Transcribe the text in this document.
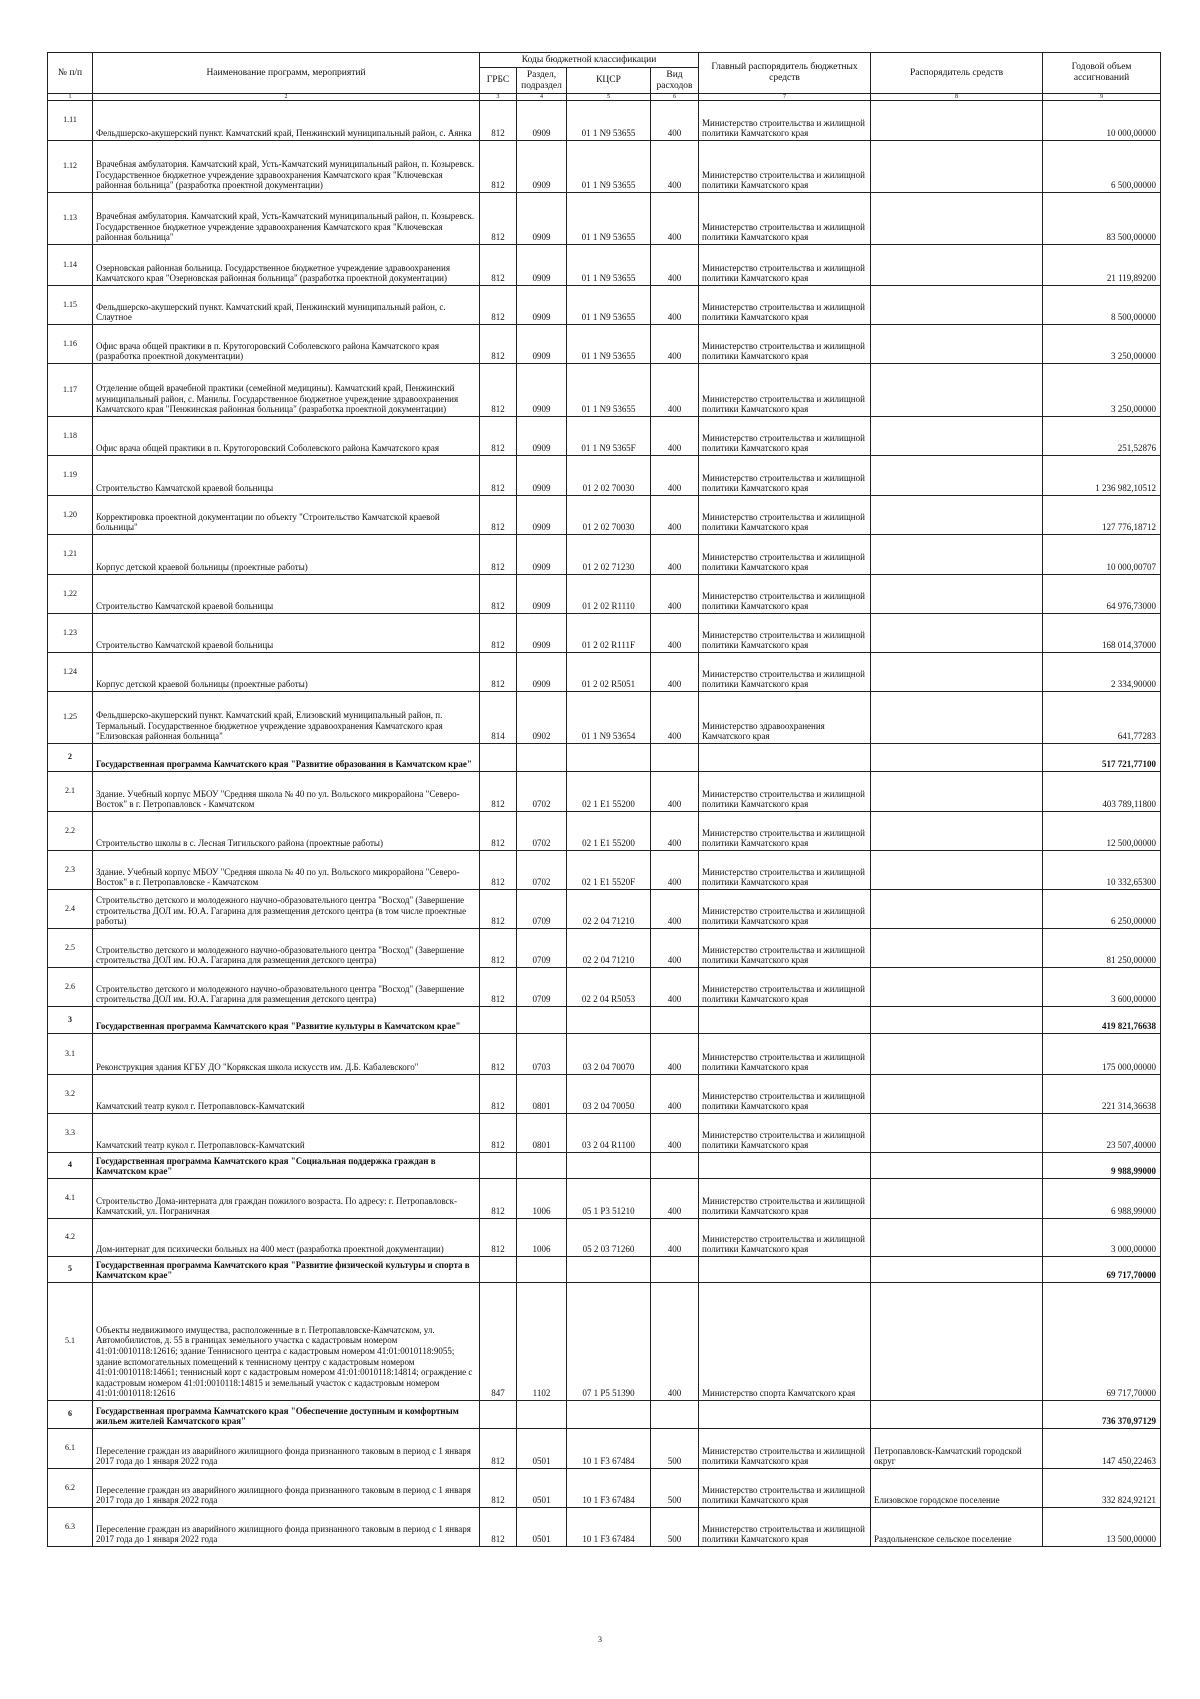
№ п/п	Наименование программ, мероприятий	Коды бюджетной классификации				Главный распорядитель бюджетных средств	Распорядитель средств	Годовой объем ассигнований
		ГРБС	Раздел, подраздел	КЦСР	Вид расходов			
1	2	3	4	5	6	7	8	9
1.11	Фельдшерско-акушерский пункт. Камчатский край, Пенжинский муниципальный район, с. Аянка	812	0909	01 1 N9 53655	400	Министерство строительства и жилищной политики Камчатского края		10 000,00000
1.12	Врачебная амбулатория. Камчатский край, Усть-Камчатский муниципальный район, п. Козыревск. Государственное бюджетное учреждение здравоохранения Камчатского края "Ключевская районная больница" (разработка проектной документации)	812	0909	01 1 N9 53655	400	Министерство строительства и жилищной политики Камчатского края		6 500,00000
1.13	Врачебная амбулатория. Камчатский край, Усть-Камчатский муниципальный район, п. Козыревск. Государственное бюджетное учреждение здравоохранения Камчатского края "Ключевская районная больница"	812	0909	01 1 N9 53655	400	Министерство строительства и жилищной политики Камчатского края		83 500,00000
1.14	Озерновская районная больница. Государственное бюджетное учреждение здравоохранения Камчатского края "Озерновская районная больница" (разработка проектной документации)	812	0909	01 1 N9 53655	400	Министерство строительства и жилищной политики Камчатского края		21 119,89200
1.15	Фельдшерско-акушерский пункт. Камчатский край, Пенжинский муниципальный район, с. Слаутное	812	0909	01 1 N9 53655	400	Министерство строительства и жилищной политики Камчатского края		8 500,00000
1.16	Офис врача общей практики в п. Крутогоровский Соболевского района Камчатского края (разработка проектной документации)	812	0909	01 1 N9 53655	400	Министерство строительства и жилищной политики Камчатского края		3 250,00000
1.17	Отделение общей врачебной практики (семейной медицины). Камчатский край, Пенжинский муниципальный район, с. Манилы. Государственное бюджетное учреждение здравоохранения Камчатского края "Пенжинская районная больница" (разработка проектной документации)	812	0909	01 1 N9 53655	400	Министерство строительства и жилищной политики Камчатского края		3 250,00000
1.18	Офис врача общей практики в п. Крутогоровский Соболевского района Камчатского края	812	0909	01 1 N9 5365F	400	Министерство строительства и жилищной политики Камчатского края		251,52876
1.19	Строительство Камчатской краевой больницы	812	0909	01 2 02 70030	400	Министерство строительства и жилищной политики Камчатского края		1 236 982,10512
1.20	Корректировка проектной документации по объекту "Строительство Камчатской краевой больницы"	812	0909	01 2 02 70030	400	Министерство строительства и жилищной политики Камчатского края		127 776,18712
1.21	Корпус детской краевой больницы (проектные работы)	812	0909	01 2 02 71230	400	Министерство строительства и жилищной политики Камчатского края		10 000,00707
1.22	Строительство Камчатской краевой больницы	812	0909	01 2 02 R1110	400	Министерство строительства и жилищной политики Камчатского края		64 976,73000
1.23	Строительство Камчатской краевой больницы	812	0909	01 2 02 R111F	400	Министерство строительства и жилищной политики Камчатского края		168 014,37000
1.24	Корпус детской краевой больницы (проектные работы)	812	0909	01 2 02 R5051	400	Министерство строительства и жилищной политики Камчатского края		2 334,90000
1.25	Фельдшерско-акушерский пункт. Камчатский край, Елизовский муниципальный район, п. Термальный. Государственное бюджетное учреждение здравоохранения Камчатского края "Елизовская районная больница"	814	0902	01 1 N9 53654	400	Министерство здравоохранения Камчатского края		641,77283
2	Государственная программа Камчатского края "Развитие образования в Камчатском крае"							517 721,77100
2.1	Здание. Учебный корпус МБОУ "Средняя школа № 40 по ул. Вольского микрорайона "Северо-Восток" в г. Петропавловск - Камчатском	812	0702	02 1 E1 55200	400	Министерство строительства и жилищной политики Камчатского края		403 789,11800
2.2	Строительство школы в с. Лесная Тигильского района (проектные работы)	812	0702	02 1 E1 55200	400	Министерство строительства и жилищной политики Камчатского края		12 500,00000
2.3	Здание. Учебный корпус МБОУ "Средняя школа № 40 по ул. Вольского микрорайона "Северо-Восток" в г. Петропавловске - Камчатском	812	0702	02 1 E1 5520F	400	Министерство строительства и жилищной политики Камчатского края		10 332,65300
2.4	Строительство детского и молодежного научно-образовательного центра "Восход" (Завершение строительства ДОЛ им. Ю.А. Гагарина для размещения детского центра (в том числе проектные работы)	812	0709	02 2 04 71210	400	Министерство строительства и жилищной политики Камчатского края		6 250,00000
2.5	Строительство детского и молодежного научно-образовательного центра "Восход" (Завершение строительства ДОЛ им. Ю.А. Гагарина для размещения детского центра)	812	0709	02 2 04 71210	400	Министерство строительства и жилищной политики Камчатского края		81 250,00000
2.6	Строительство детского и молодежного научно-образовательного центра "Восход" (Завершение строительства ДОЛ им. Ю.А. Гагарина для размещения детского центра)	812	0709	02 2 04 R5053	400	Министерство строительства и жилищной политики Камчатского края		3 600,00000
3	Государственная программа Камчатского края "Развитие культуры в Камчатском крае"							419 821,76638
3.1	Реконструкция здания КГБУ ДО "Корякская школа искусств им. Д.Б. Кабалевского"	812	0703	03 2 04 70070	400	Министерство строительства и жилищной политики Камчатского края		175 000,00000
3.2	Камчатский театр кукол г. Петропавловск-Камчатский	812	0801	03 2 04 70050	400	Министерство строительства и жилищной политики Камчатского края		221 314,36638
3.3	Камчатский театр кукол г. Петропавловск-Камчатский	812	0801	03 2 04 R1100	400	Министерство строительства и жилищной политики Камчатского края		23 507,40000
4	Государственная программа Камчатского края "Социальная поддержка граждан в Камчатском крае"							9 988,99000
4.1	Строительство Дома-интерната для граждан пожилого возраста. По адресу: г. Петропавловск-Камчатский, ул. Пограничная	812	1006	05 1 P3 51210	400	Министерство строительства и жилищной политики Камчатского края		6 988,99000
4.2	Дом-интернат для психически больных на 400 мест (разработка проектной документации)	812	1006	05 2 03 71260	400	Министерство строительства и жилищной политики Камчатского края		3 000,00000
5	Государственная программа Камчатского края "Развитие физической культуры и спорта в Камчатском крае"							69 717,70000
5.1	Объекты недвижимого имущества, расположенные в г. Петропавловске-Камчатском, ул. Автомобилистов, д. 55 в границах земельного участка с кадастровым номером 41:01:0010118:12616; здание Теннисного центра с кадастровым номером 41:01:0010118:9055; здание вспомогательных помещений к теннисному центру с кадастровым номером 41:01:0010118:14661; теннисный корт с кадастровым номером 41:01:0010118:14814; ограждение с кадастровым номером 41:01:0010118:14815 и земельный участок с кадастровым номером 41:01:0010118:12616	847	1102	07 1 P5 51390	400	Министерство спорта Камчатского края		69 717,70000
6	Государственная программа Камчатского края "Обеспечение доступным и комфортным жильем жителей Камчатского края"							736 370,97129
6.1	Переселение граждан из аварийного жилищного фонда признанного таковым в период с 1 января 2017 года до 1 января 2022 года	812	0501	10 1 F3 67484	500	Министерство строительства и жилищной политики Камчатского края	Петропавловск-Камчатский городской округ	147 450,22463
6.2	Переселение граждан из аварийного жилищного фонда признанного таковым в период с 1 января 2017 года до 1 января 2022 года	812	0501	10 1 F3 67484	500	Министерство строительства и жилищной политики Камчатского края	Елизовское городское поселение	332 824,92121
6.3	Переселение граждан из аварийного жилищного фонда признанного таковым в период с 1 января 2017 года до 1 января 2022 года	812	0501	10 1 F3 67484	500	Министерство строительства и жилищной политики Камчатского края	Раздольненское сельское поселение	13 500,00000
3
